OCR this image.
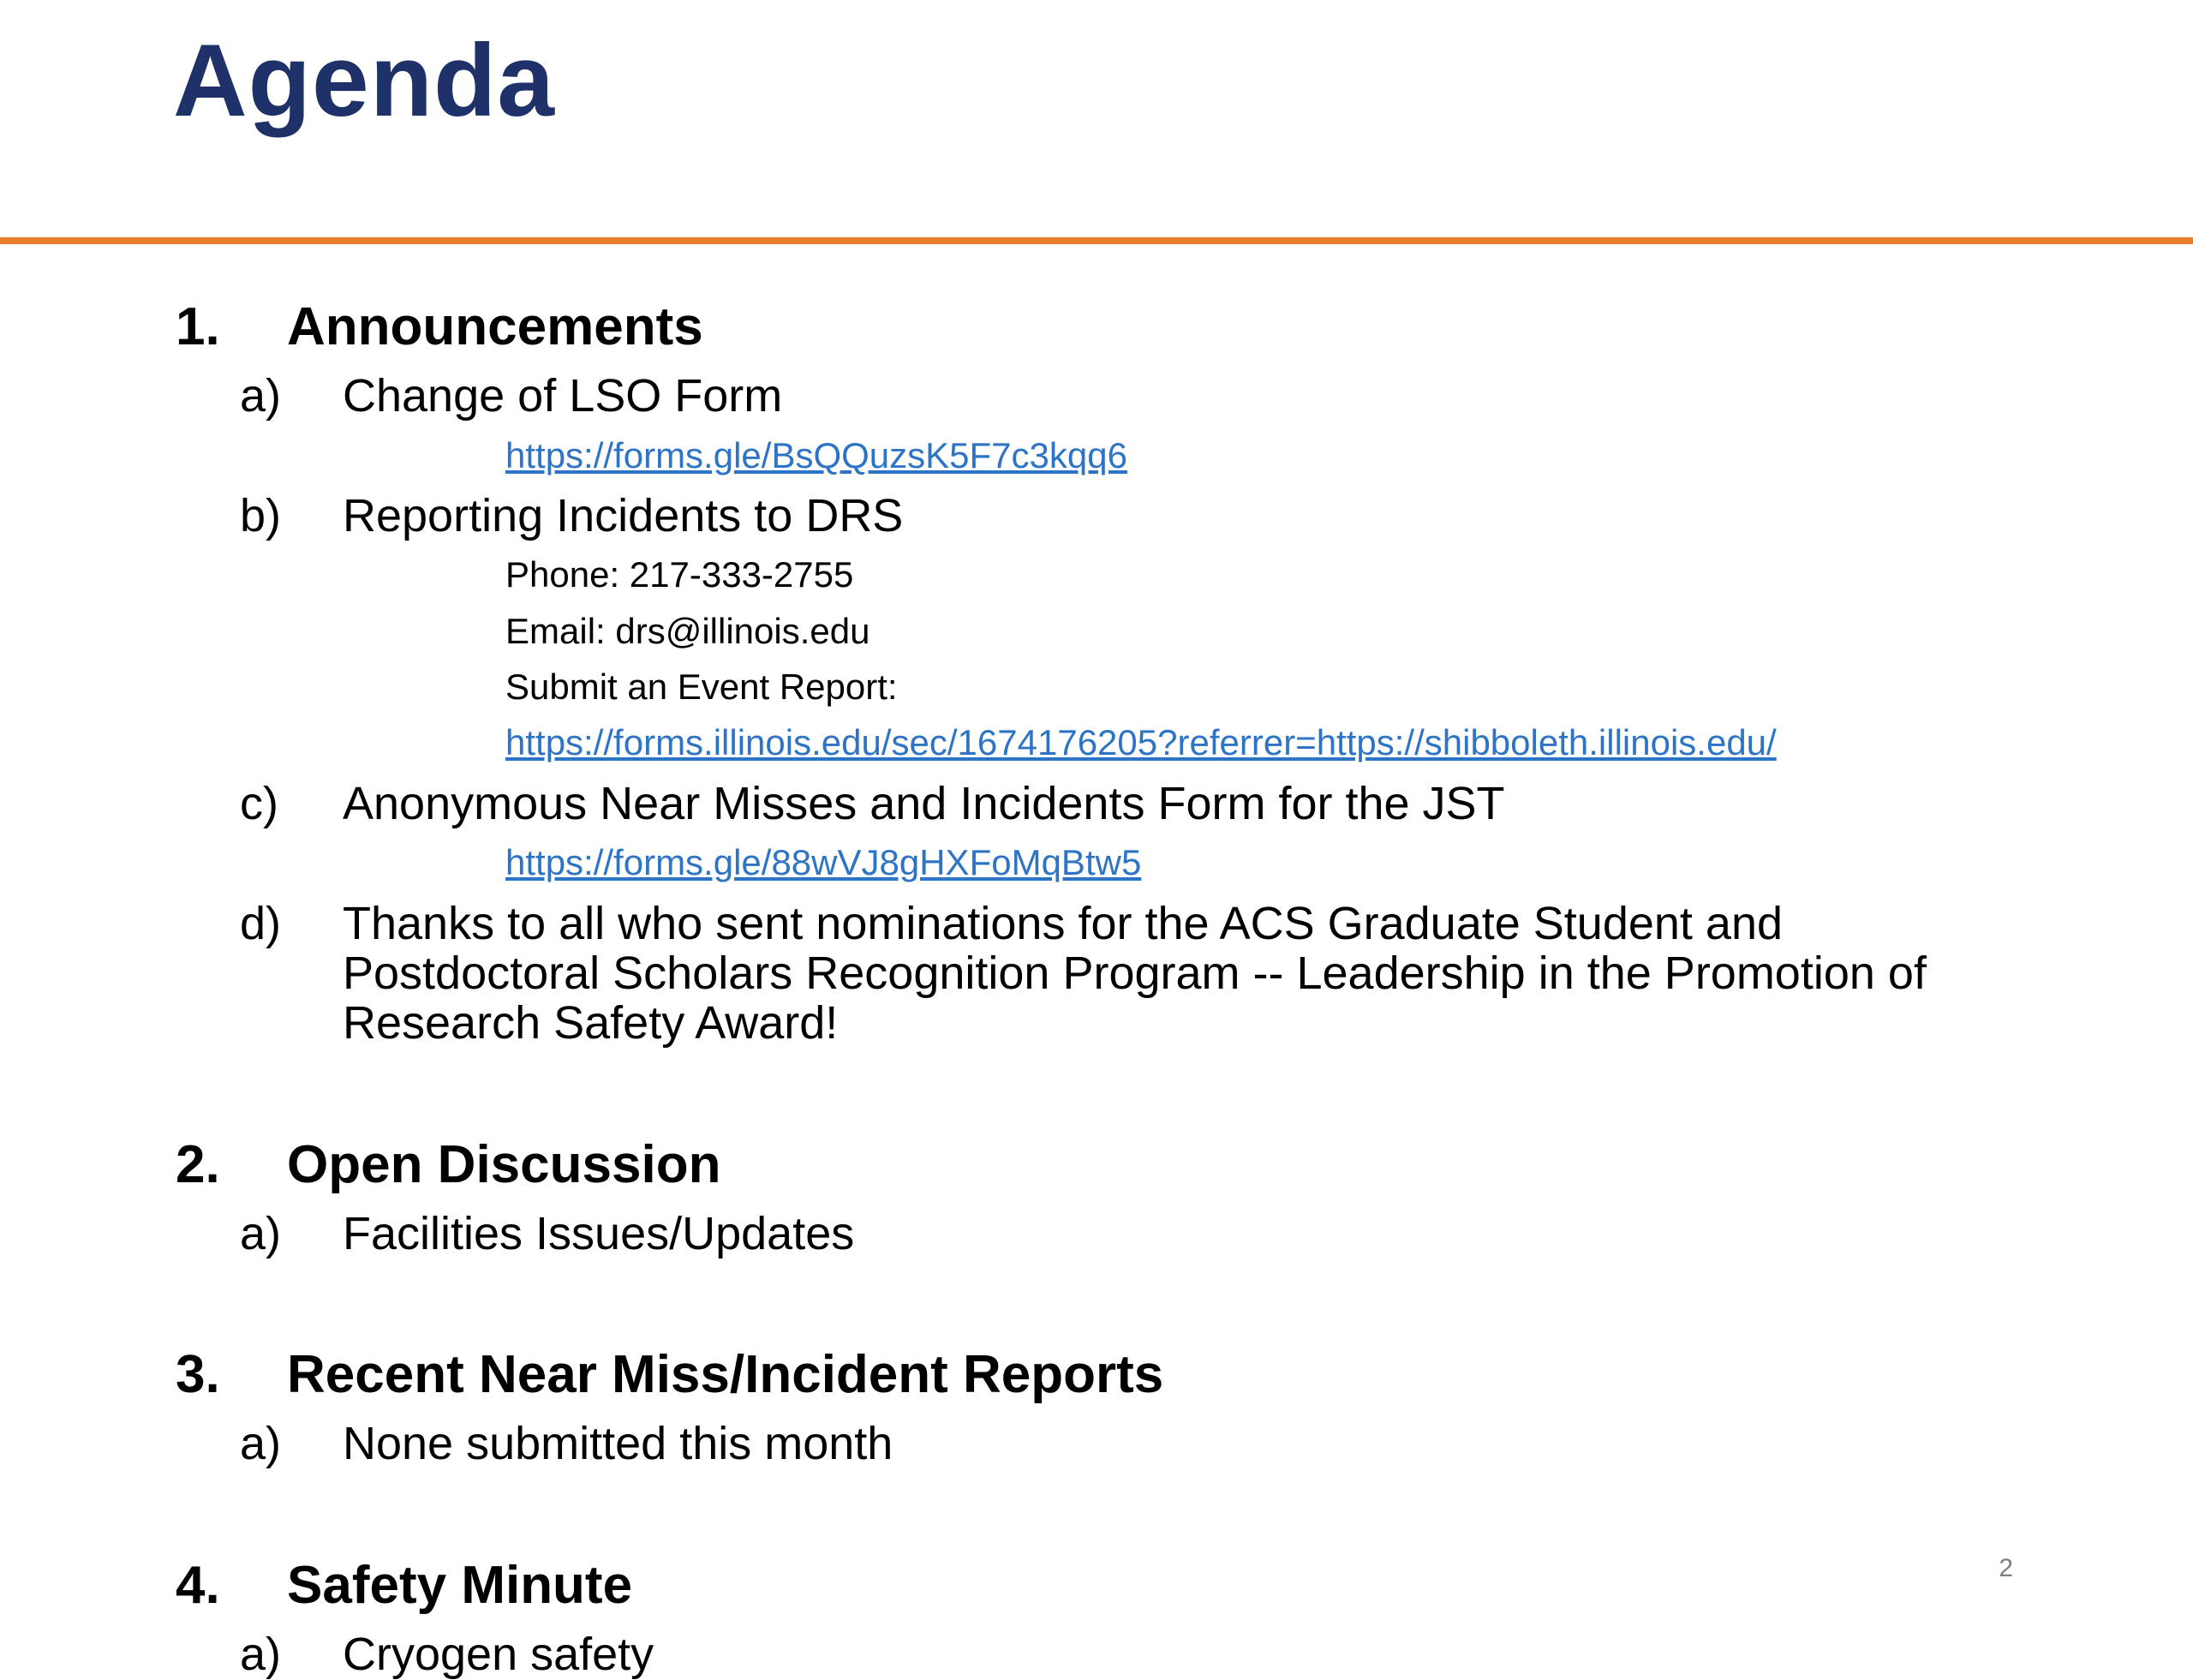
Agenda
1.	Announcements
a)	Change of LSO Form
https://forms.gle/BsQQuzsK5F7c3kqq6
b)	Reporting Incidents to DRS
Phone: 217-333-2755
Email: drs@illinois.edu
Submit an Event Report:
https://forms.illinois.edu/sec/1674176205?referrer=https://shibboleth.illinois.edu/
c)	Anonymous Near Misses and Incidents Form for the JST
https://forms.gle/88wVJ8gHXFoMqBtw5
d)	Thanks to all who sent nominations for the ACS Graduate Student and Postdoctoral Scholars Recognition Program -- Leadership in the Promotion of Research Safety Award!
2.	Open Discussion
a)	Facilities Issues/Updates
3.	Recent Near Miss/Incident Reports
a)	None submitted this month
4.	Safety Minute
a)	Cryogen safety
2
